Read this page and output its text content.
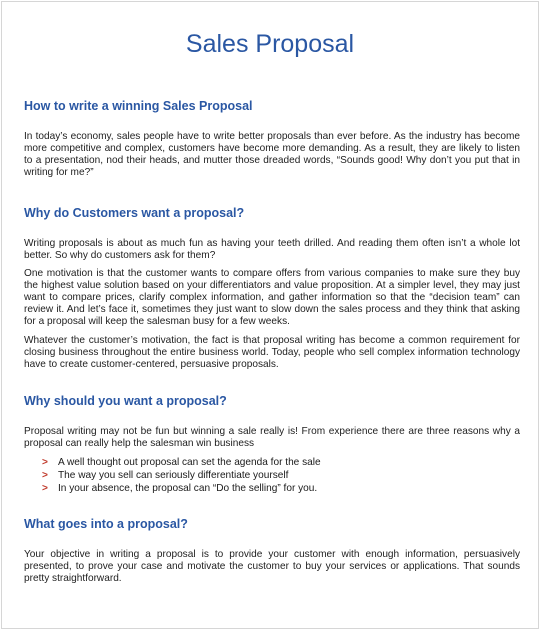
Sales Proposal
How to write a winning Sales Proposal
In today’s economy, sales people have to write better proposals than ever before. As the industry has become more competitive and complex, customers have become more demanding. As a result, they are likely to listen to a presentation, nod their heads, and mutter those dreaded words, “Sounds good! Why don’t you put that in writing for me?”
Why do Customers want a proposal?
Writing proposals is about as much fun as having your teeth drilled. And reading them often isn’t a whole lot better. So why do customers ask for them?
One motivation is that the customer wants to compare offers from various companies to make sure they buy the highest value solution based on your differentiators and value proposition. At a simpler level, they may just want to compare prices, clarify complex information, and gather information so that the “decision team” can review it. And let’s face it, sometimes they just want to slow down the sales process and they think that asking for a proposal will keep the salesman busy for a few weeks.
Whatever the customer’s motivation, the fact is that proposal writing has become a common requirement for closing business throughout the entire business world. Today, people who sell complex information technology have to create customer-centered, persuasive proposals.
Why should you want a proposal?
Proposal writing may not be fun but winning a sale really is! From experience there are three reasons why a proposal can really help the salesman win business
> A well thought out proposal can set the agenda for the sale
> The way you sell can seriously differentiate yourself
> In your absence, the proposal can “Do the selling” for you.
What goes into a proposal?
Your objective in writing a proposal is to provide your customer with enough information, persuasively presented, to prove your case and motivate the customer to buy your services or applications. That sounds pretty straightforward.
